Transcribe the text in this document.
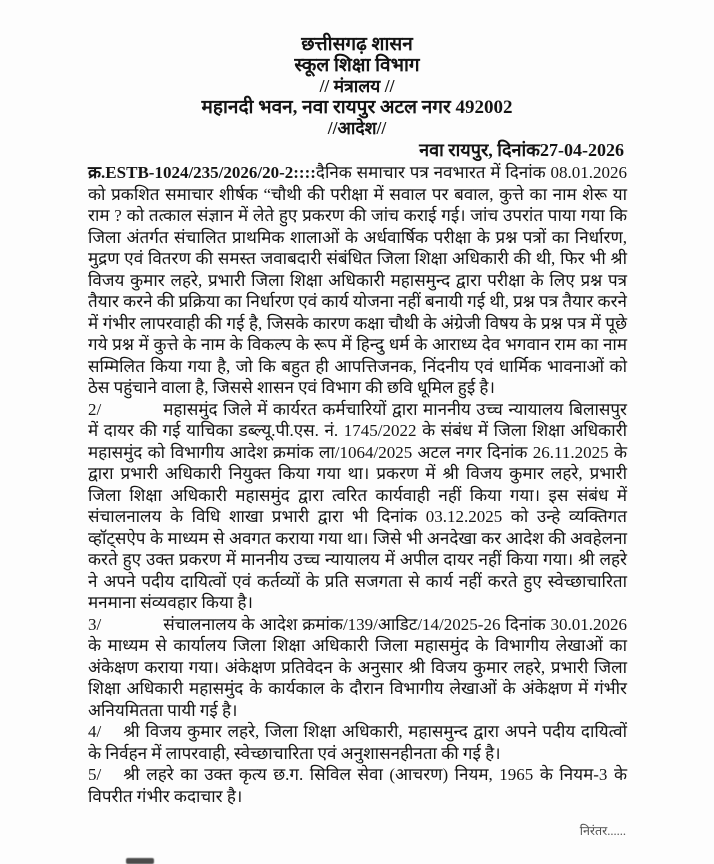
छत्तीसगढ़ शासन
स्कूल शिक्षा विभाग
// मंत्रालय //
महानदी भवन, नवा रायपुर अटल नगर 492002
//आदेश//
नवा रायपुर, दिनांक27-04-2026

क्र.ESTB-1024/235/2026/20-2::::दैनिक समाचार पत्र नवभारत में दिनांक 08.01.2026 को प्रकशित समाचार शीर्षक “चौथी की परीक्षा में सवाल पर बवाल, कुत्ते का नाम शेरू या राम ? को तत्काल संज्ञान में लेते हुए प्रकरण की जांच कराई गई। जांच उपरांत पाया गया कि जिला अंतर्गत संचालित प्राथमिक शालाओं के अर्धवार्षिक परीक्षा के प्रश्न पत्रों का निर्धारण, मुद्रण एवं वितरण की समस्त जवाबदारी संबंधित जिला शिक्षा अधिकारी की थी, फिर भी श्री विजय कुमार लहरे, प्रभारी जिला शिक्षा अधिकारी महासमुन्द द्वारा परीक्षा के लिए प्रश्न पत्र तैयार करने की प्रक्रिया का निर्धारण एवं कार्य योजना नहीं बनायी गई थी, प्रश्न पत्र तैयार करने में गंभीर लापरवाही की गई है, जिसके कारण कक्षा चौथी के अंग्रेजी विषय के प्रश्न पत्र में पूछे गये प्रश्न में कुत्ते के नाम के विकल्प के रूप में हिन्दु धर्म के आराध्य देव भगवान राम का नाम सम्मिलित किया गया है, जो कि बहुत ही आपत्तिजनक, निंदनीय एवं धार्मिक भावनाओं को ठेस पहुंचाने वाला है, जिससे शासन एवं विभाग की छवि धूमिल हुई है।

2/	महासमुंद जिले में कार्यरत कर्मचारियों द्वारा माननीय उच्च न्यायालय बिलासपुर में दायर की गई याचिका डब्ल्यू.पी.एस. नं. 1745/2022 के संबंध में जिला शिक्षा अधिकारी महासमुंद को विभागीय आदेश क्रमांक ला/1064/2025 अटल नगर दिनांक 26.11.2025 के द्वारा प्रभारी अधिकारी नियुक्त किया गया था। प्रकरण में श्री विजय कुमार लहरे, प्रभारी जिला शिक्षा अधिकारी महासमुंद द्वारा त्वरित कार्यवाही नहीं किया गया। इस संबंध में संचालनालय के विधि शाखा प्रभारी द्वारा भी दिनांक 03.12.2025 को उन्हे व्यक्तिगत व्हॉट्सऐप के माध्यम से अवगत कराया गया था। जिसे भी अनदेखा कर आदेश की अवहेलना करते हुए उक्त प्रकरण में माननीय उच्च न्यायालय में अपील दायर नहीं किया गया। श्री लहरे ने अपने पदीय दायित्वों एवं कर्तव्यों के प्रति सजगता से कार्य नहीं करते हुए स्वेच्छाचारिता मनमाना संव्यवहार किया है।

3/	संचालनालय के आदेश क्रमांक/139/आडिट/14/2025-26 दिनांक 30.01.2026 के माध्यम से कार्यालय जिला शिक्षा अधिकारी जिला महासमुंद के विभागीय लेखाओं का अंकेक्षण कराया गया। अंकेक्षण प्रतिवेदन के अनुसार श्री विजय कुमार लहरे, प्रभारी जिला शिक्षा अधिकारी महासमुंद के कार्यकाल के दौरान विभागीय लेखाओं के अंकेक्षण में गंभीर अनियमितता पायी गई है।

4/ श्री विजय कुमार लहरे, जिला शिक्षा अधिकारी, महासमुन्द द्वारा अपने पदीय दायित्वों के निर्वहन में लापरवाही, स्वेच्छाचारिता एवं अनुशासनहीनता की गई है।

5/ श्री लहरे का उक्त कृत्य छ.ग. सिविल सेवा (आचरण) नियम, 1965 के नियम-3 के विपरीत गंभीर कदाचार है।

निरंतर......
